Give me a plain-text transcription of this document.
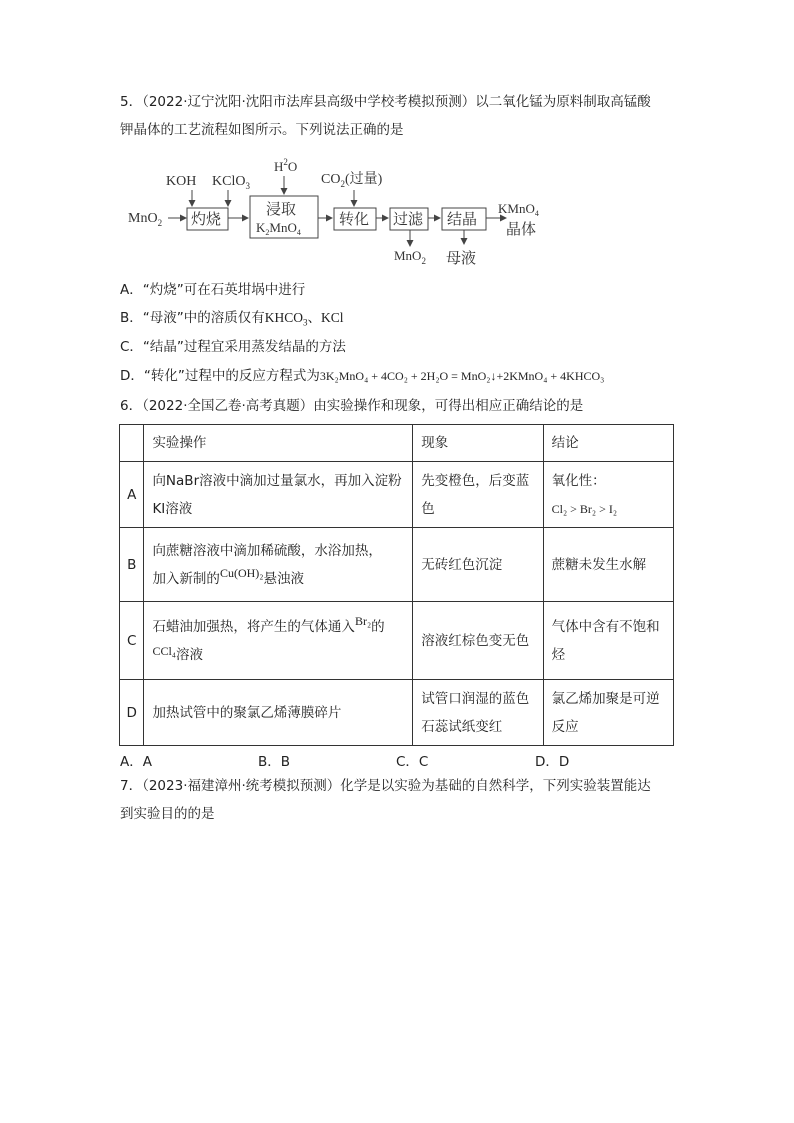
5．（2022·辽宁沈阳·沈阳市法库县高级中学校考模拟预测）以二氧化锰为原料制取高锰酸
钾晶体的工艺流程如图所示。下列说法正确的是
MnO$_2$
KOH KClO$_3$
灼烧
$H^2O$
浸取
$K_2MnO_4$
$CO_2$(过量)
转化 过滤
MnO$_2$
结晶
母液
KMnO$_4$
晶体
A．“灼烧”可在石英坩埚中进行
B．“母液”中的溶质仅有$KHCO_3$、KCl
C．“结晶”过程宜采用蒸发结晶的方法
D．“转化”过程中的反应方程式为3K₂MnO₄ + 4CO₂ + 2H₂O = MnO₂↓+2KMnO₄ + 4KHCO₃
6．（2022·全国乙卷·高考真题）由实验操作和现象，可得出相应正确结论的是
	实验操作	现象	结论
A	向NaBr溶液中滴加过量氯水，再加入淀粉KI溶液	先变橙色，后变蓝色	氧化性：
Cl₂ > Br₂ > I₂
B	向蔗糖溶液中滴加稀硫酸，水浴加热，
加入新制的Cu(OH)₂悬浊液	无砖红色沉淀	蔗糖未发生水解
C	石蜡油加强热，将产生的气体通入Br₂的
CCl₄溶液	溶液红棕色变无色	气体中含有不饱和烃
D	加热试管中的聚氯乙烯薄膜碎片	试管口润湿的蓝色石蕊试纸变红	氯乙烯加聚是可逆反应
A．A	B．B	C．C	D．D
7．（2023·福建漳州·统考模拟预测）化学是以实验为基础的自然科学，下列实验装置能达
到实验目的的是
